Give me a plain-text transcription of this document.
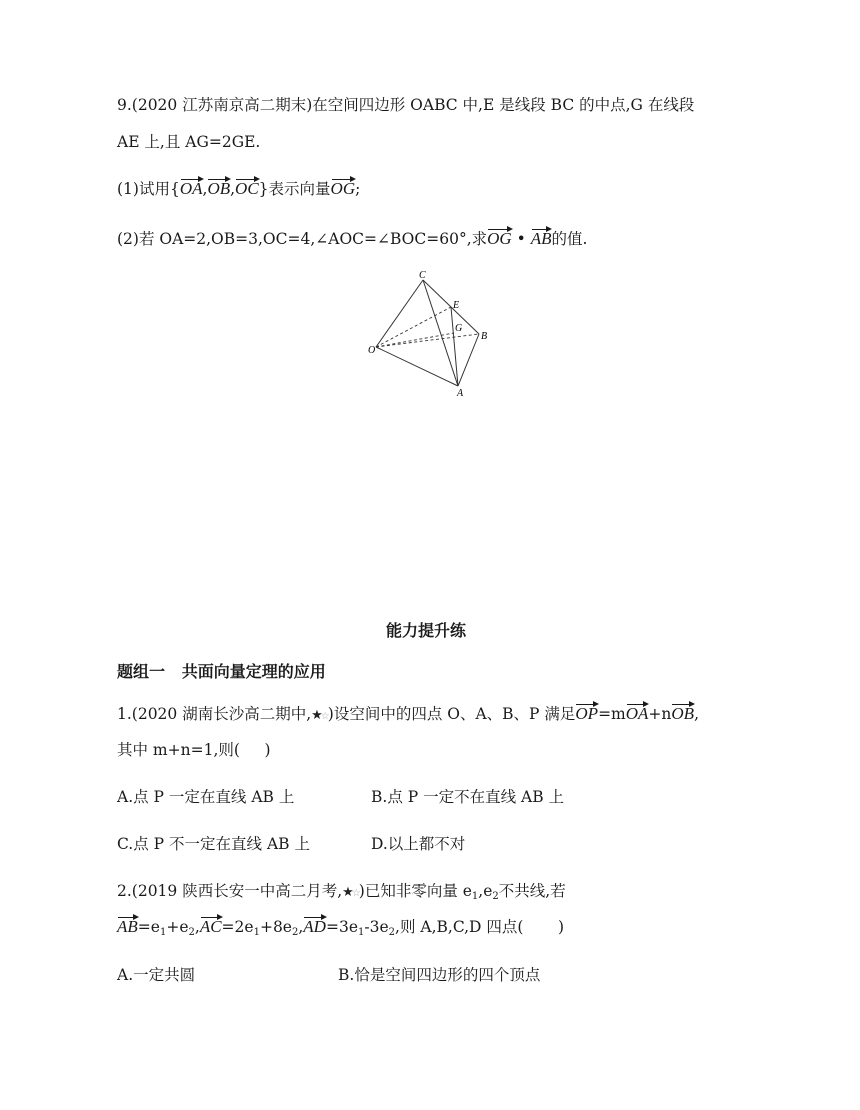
9.(2020 江苏南京高二期末)在空间四边形 OABC 中,E 是线段 BC 的中点,G 在线段
AE 上,且 AG=2GE.
(1)试用{OA,OB,OC}表示向量OG;
(2)若 OA=2,OB=3,OC=4,∠AOC=∠BOC=60°,求OG • AB的值.
C
E
G
B
O
A
能力提升练
题组一   共面向量定理的应用
1.(2020 湖南长沙高二期中,★☆)设空间中的四点 O、A、B、P 满足OP=mOA+nOB,
其中 m+n=1,则(     )
A.点 P 一定在直线 AB 上	B.点 P 一定不在直线 AB 上
C.点 P 不一定在直线 AB 上	D.以上都不对
2.(2019 陕西长安一中高二月考,★☆)已知非零向量 $e_1,e_2$不共线,若
$AB=e_1+e_2,AC=2e_1+8e_2,AD=3e_1-3e_2$,则 A,B,C,D 四点(       )
A.一定共圆	B.恰是空间四边形的四个顶点
